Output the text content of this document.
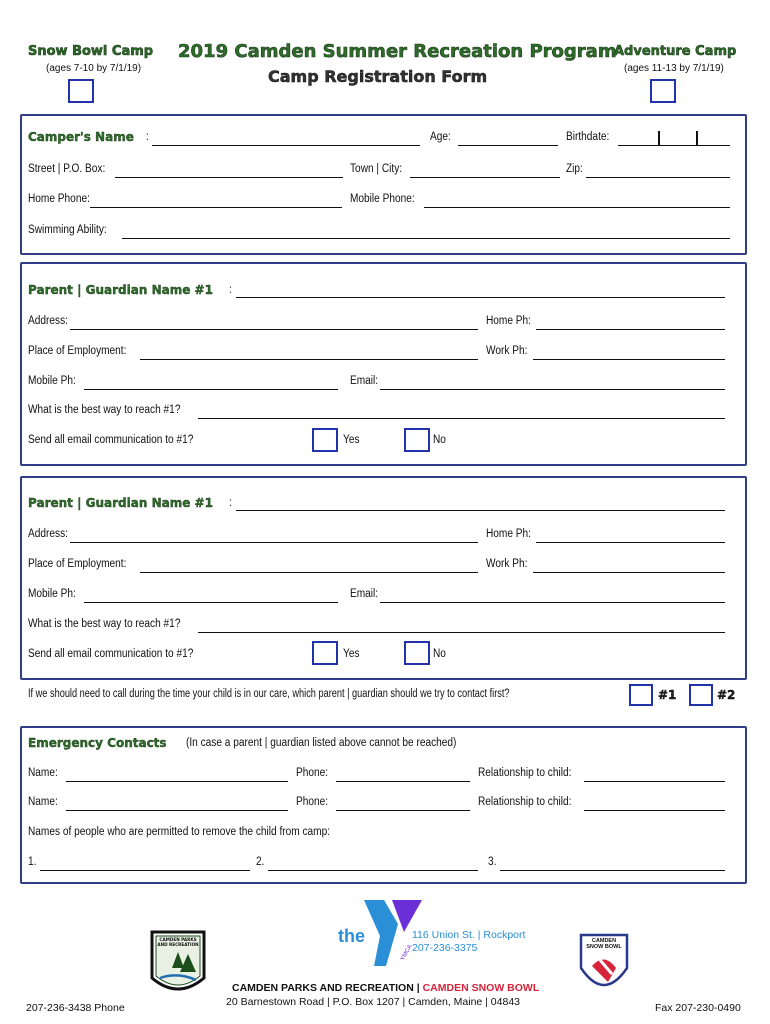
Snow Bowl Camp
(ages 7-10 by 7/1/19)
2019 Camden Summer Recreation Program
Camp Registration Form
Adventure Camp
(ages 11-13 by 7/1/19)
Camper's Name :	Age:	Birthdate:
Street | P.O. Box:	Town | City:	Zip:
Home Phone:	Mobile Phone:
Swimming Ability:
Parent | Guardian Name #1 :
Address:	Home Ph:
Place of Employment:	Work Ph:
Mobile Ph:	Email:
What is the best way to reach #1?
Send all email communication to #1?	Yes	No
Parent | Guardian Name #1 :
Address:	Home Ph:
Place of Employment:	Work Ph:
Mobile Ph:	Email:
What is the best way to reach #1?
Send all email communication to #1?	Yes	No
If we should need to call during the time your child is in our care, which parent | guardian should we try to contact first?	#1	#2
Emergency Contacts (In case a parent | guardian listed above cannot be reached)
Name:	Phone:	Relationship to child:
Name:	Phone:	Relationship to child:
Names of people who are permitted to remove the child from camp:
1.	2.	3.
CAMDEN PARKS AND RECREATION	the
YMCA
116 Union St. | Rockport
207-236-3375
CAMDEN SNOW BOWL
207-236-3438 Phone
CAMDEN PARKS AND RECREATION | CAMDEN SNOW BOWL
20 Barnestown Road | P.O. Box 1207 | Camden, Maine | 04843	Fax 207-230-0490
